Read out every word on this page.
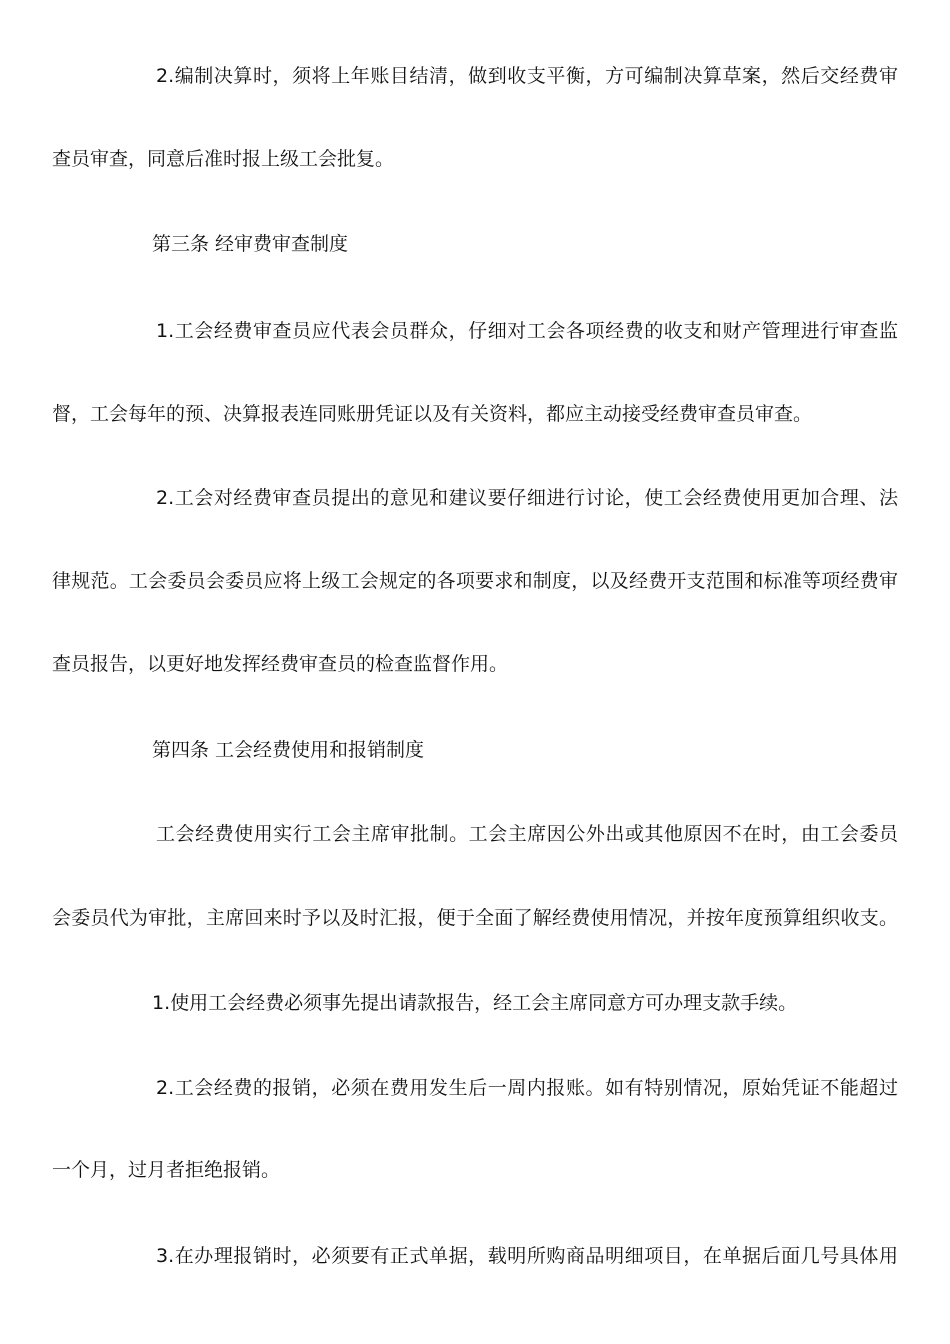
2.编制决算时，须将上年账目结清，做到收支平衡，方可编制决算草案，然后交经费审
查员审查，同意后准时报上级工会批复。
第三条 经审费审查制度
1.工会经费审查员应代表会员群众，仔细对工会各项经费的收支和财产管理进行审查监
督，工会每年的预、决算报表连同账册凭证以及有关资料，都应主动接受经费审查员审查。
2.工会对经费审查员提出的意见和建议要仔细进行讨论，使工会经费使用更加合理、法
律规范。工会委员会委员应将上级工会规定的各项要求和制度，以及经费开支范围和标准等项经费审
查员报告，以更好地发挥经费审查员的检查监督作用。
第四条 工会经费使用和报销制度
工会经费使用实行工会主席审批制。工会主席因公外出或其他原因不在时，由工会委员
会委员代为审批，主席回来时予以及时汇报，便于全面了解经费使用情况，并按年度预算组织收支。
1.使用工会经费必须事先提出请款报告，经工会主席同意方可办理支款手续。
2.工会经费的报销，必须在费用发生后一周内报账。如有特别情况，原始凭证不能超过
一个月，过月者拒绝报销。
3.在办理报销时，必须要有正式单据，载明所购商品明细项目，在单据后面几号具体用
